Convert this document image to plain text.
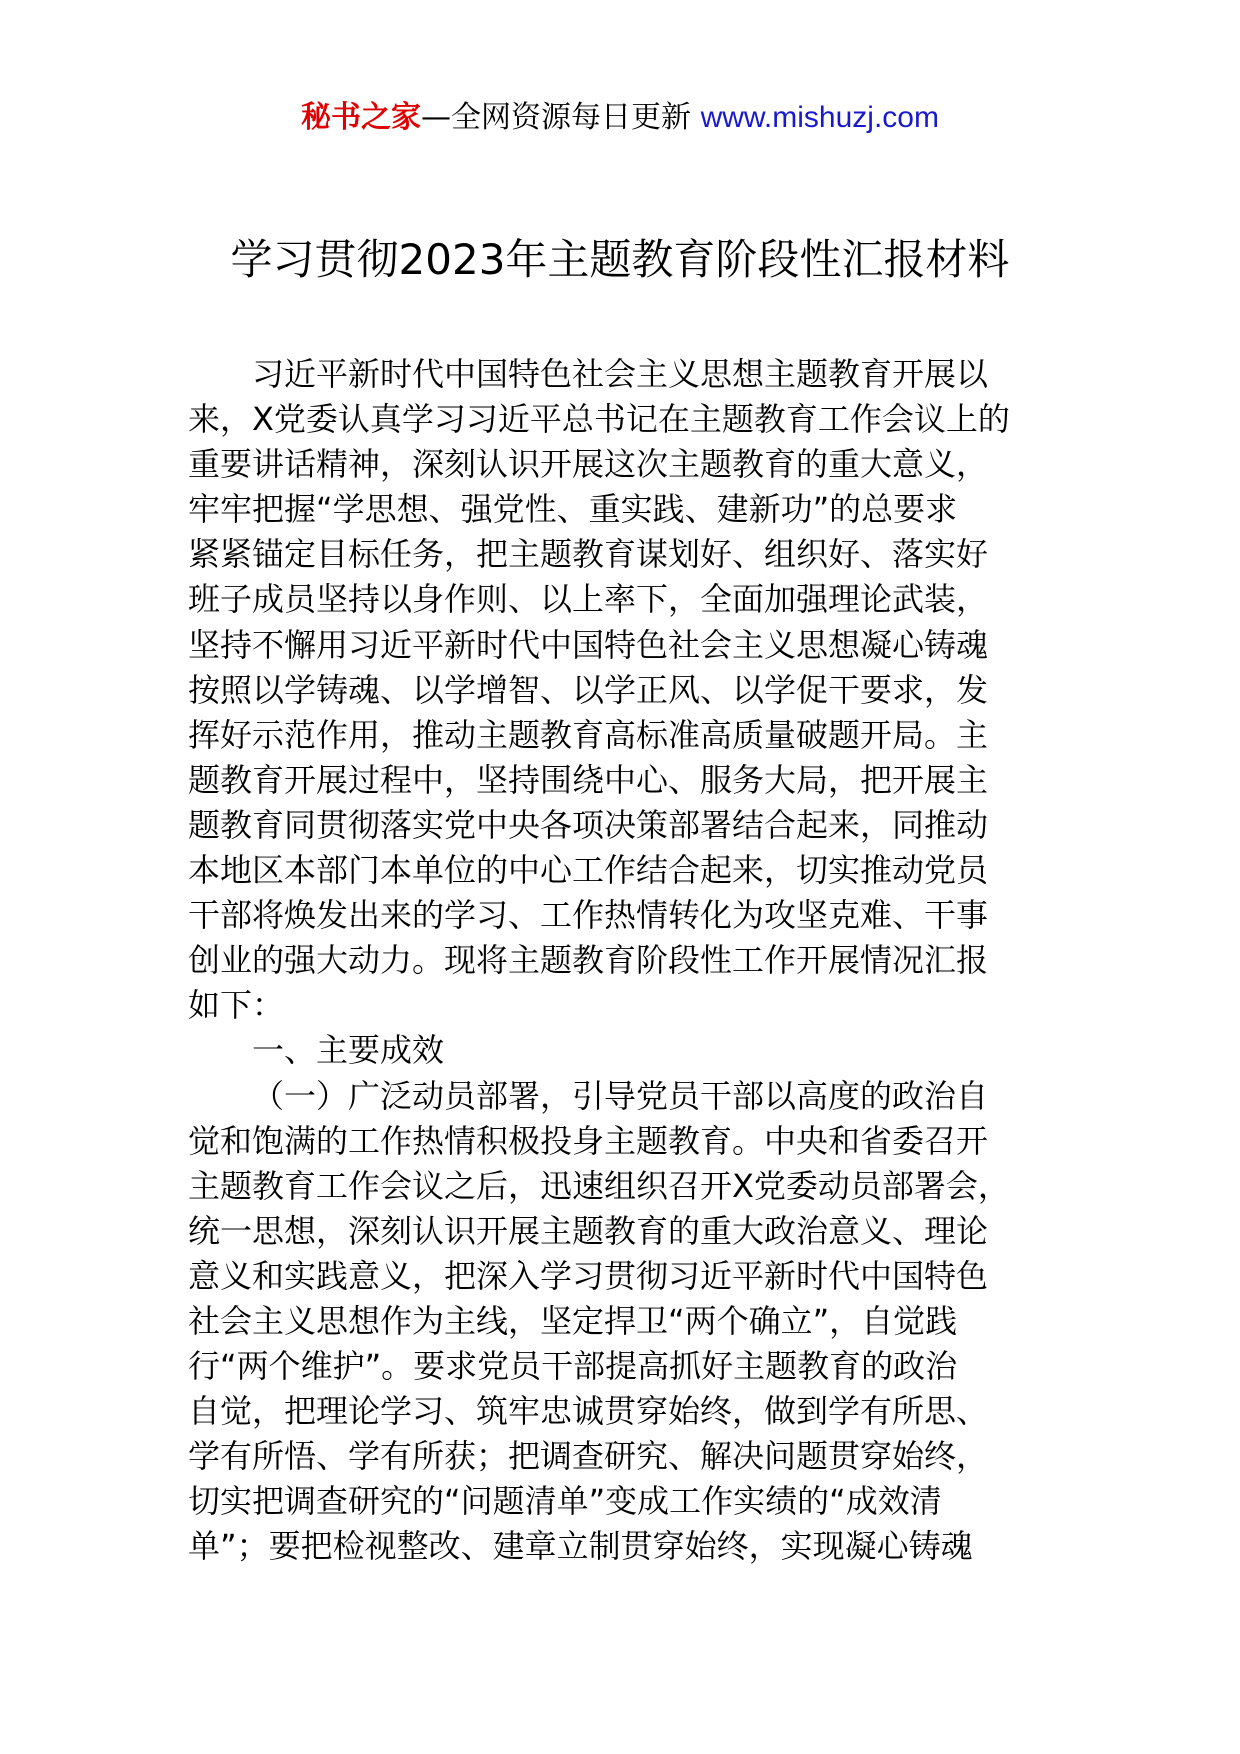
秘书之家—全网资源每日更新 www.mishuzj.com
学习贯彻2023年主题教育阶段性汇报材料
习近平新时代中国特色社会主义思想主题教育开展以
来，X党委认真学习习近平总书记在主题教育工作会议上的
重要讲话精神，深刻认识开展这次主题教育的重大意义，
牢牢把握“学思想、强党性、重实践、建新功”的总要求
紧紧锚定目标任务，把主题教育谋划好、组织好、落实好
班子成员坚持以身作则、以上率下，全面加强理论武装，
坚持不懈用习近平新时代中国特色社会主义思想凝心铸魂
按照以学铸魂、以学增智、以学正风、以学促干要求，发
挥好示范作用，推动主题教育高标准高质量破题开局。主
题教育开展过程中，坚持围绕中心、服务大局，把开展主
题教育同贯彻落实党中央各项决策部署结合起来，同推动
本地区本部门本单位的中心工作结合起来，切实推动党员
干部将焕发出来的学习、工作热情转化为攻坚克难、干事
创业的强大动力。现将主题教育阶段性工作开展情况汇报
如下：
一、主要成效
（一）广泛动员部署，引导党员干部以高度的政治自
觉和饱满的工作热情积极投身主题教育。中央和省委召开
主题教育工作会议之后，迅速组织召开X党委动员部署会，
统一思想，深刻认识开展主题教育的重大政治意义、理论
意义和实践意义，把深入学习贯彻习近平新时代中国特色
社会主义思想作为主线，坚定捍卫“两个确立”，自觉践
行“两个维护”。要求党员干部提高抓好主题教育的政治
自觉，把理论学习、筑牢忠诚贯穿始终，做到学有所思、
学有所悟、学有所获；把调查研究、解决问题贯穿始终，
切实把调查研究的“问题清单”变成工作实绩的“成效清
单”；要把检视整改、建章立制贯穿始终，实现凝心铸魂
